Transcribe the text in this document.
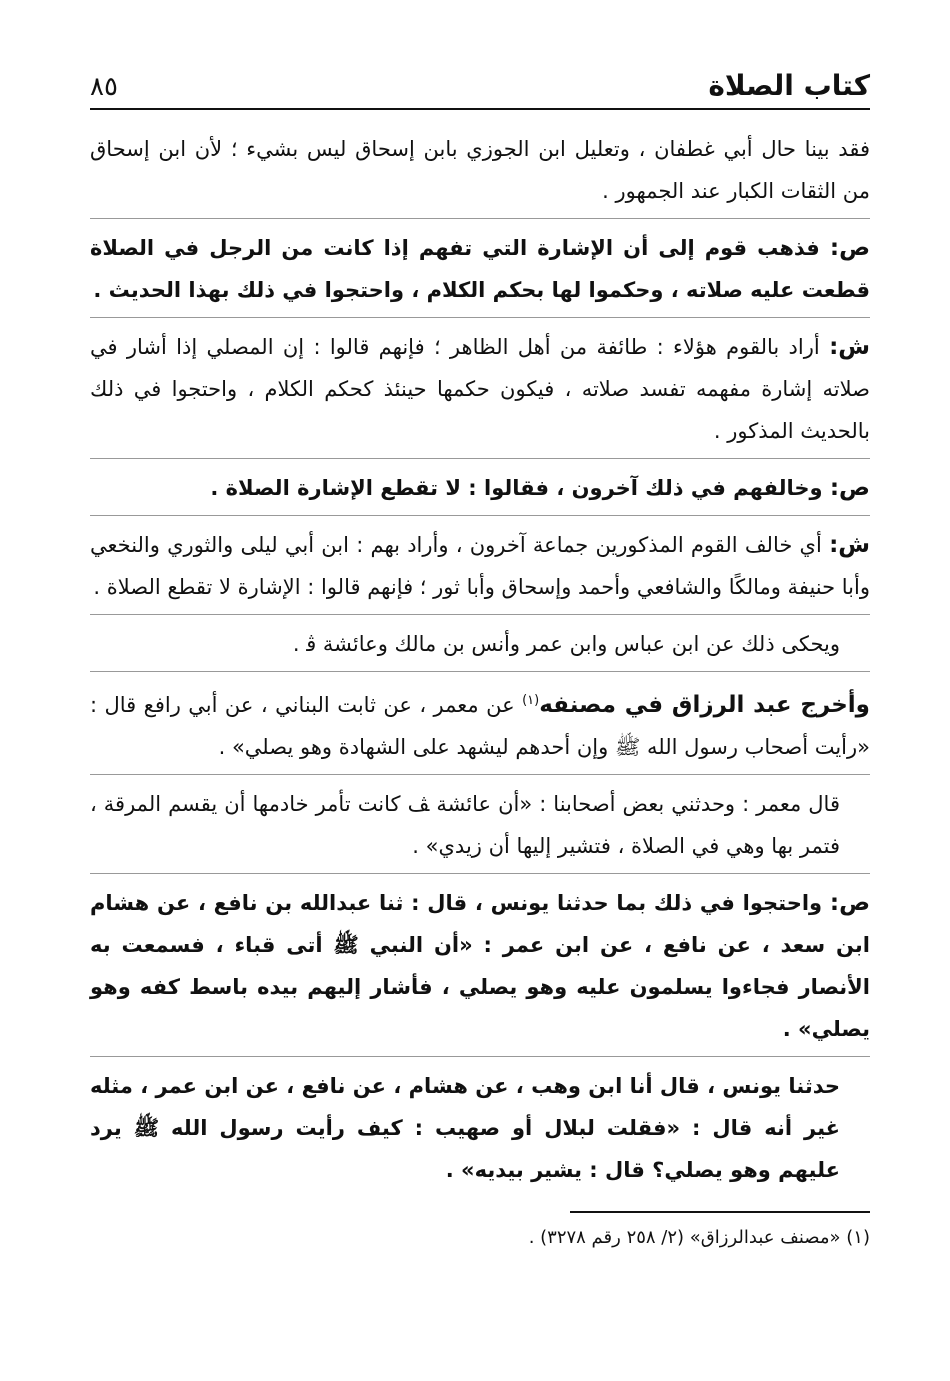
كتاب الصلاة
٨٥

فقد بينا حال أبي غطفان ، وتعليل ابن الجوزي بابن إسحاق ليس بشيء ؛ لأن ابن إسحاق من الثقات الكبار عند الجمهور .

ص: فذهب قوم إلى أن الإشارة التي تفهم إذا كانت من الرجل في الصلاة قطعت عليه صلاته ، وحكموا لها بحكم الكلام ، واحتجوا في ذلك بهذا الحديث .

ش: أراد بالقوم هؤلاء : طائفة من أهل الظاهر ؛ فإنهم قالوا : إن المصلي إذا أشار في صلاته إشارة مفهمه تفسد صلاته ، فيكون حكمها حينئذ كحكم الكلام ، واحتجوا في ذلك بالحديث المذكور .

ص: وخالفهم في ذلك آخرون ، فقالوا : لا تقطع الإشارة الصلاة .

ش: أي خالف القوم المذكورين جماعة آخرون ، وأراد بهم : ابن أبي ليلى والثوري والنخعي وأبا حنيفة ومالكًا والشافعي وأحمد وإسحاق وأبا ثور ؛ فإنهم قالوا : الإشارة لا تقطع الصلاة .

ويحكى ذلك عن ابن عباس وابن عمر وأنس بن مالك وعائشة ﭬ .

وأخرج عبد الرزاق في مصنفه$^{(١)}$ عن معمر ، عن ثابت البناني ، عن أبي رافع قال : «رأيت أصحاب رسول الله ﷺ وإن أحدهم ليشهد على الشهادة وهو يصلي» .

قال معمر : وحدثني بعض أصحابنا : «أن عائشة ﭫ كانت تأمر خادمها أن يقسم المرقة ، فتمر بها وهي في الصلاة ، فتشير إليها أن زيدي» .

ص: واحتجوا في ذلك بما حدثنا يونس ، قال : ثنا عبدالله بن نافع ، عن هشام ابن سعد ، عن نافع ، عن ابن عمر : «أن النبي ﷺ أتى قباء ، فسمعت به الأنصار فجاءوا يسلمون عليه وهو يصلي ، فأشار إليهم بيده باسط كفه وهو يصلي» .

حدثنا يونس ، قال أنا ابن وهب ، عن هشام ، عن نافع ، عن ابن عمر ، مثله غير أنه قال : «فقلت لبلال أو صهيب : كيف رأيت رسول الله ﷺ يرد عليهم وهو يصلي؟ قال : يشير بيديه» .

(١) «مصنف عبدالرزاق» (٢/ ٢٥٨ رقم ٣٢٧٨) .
